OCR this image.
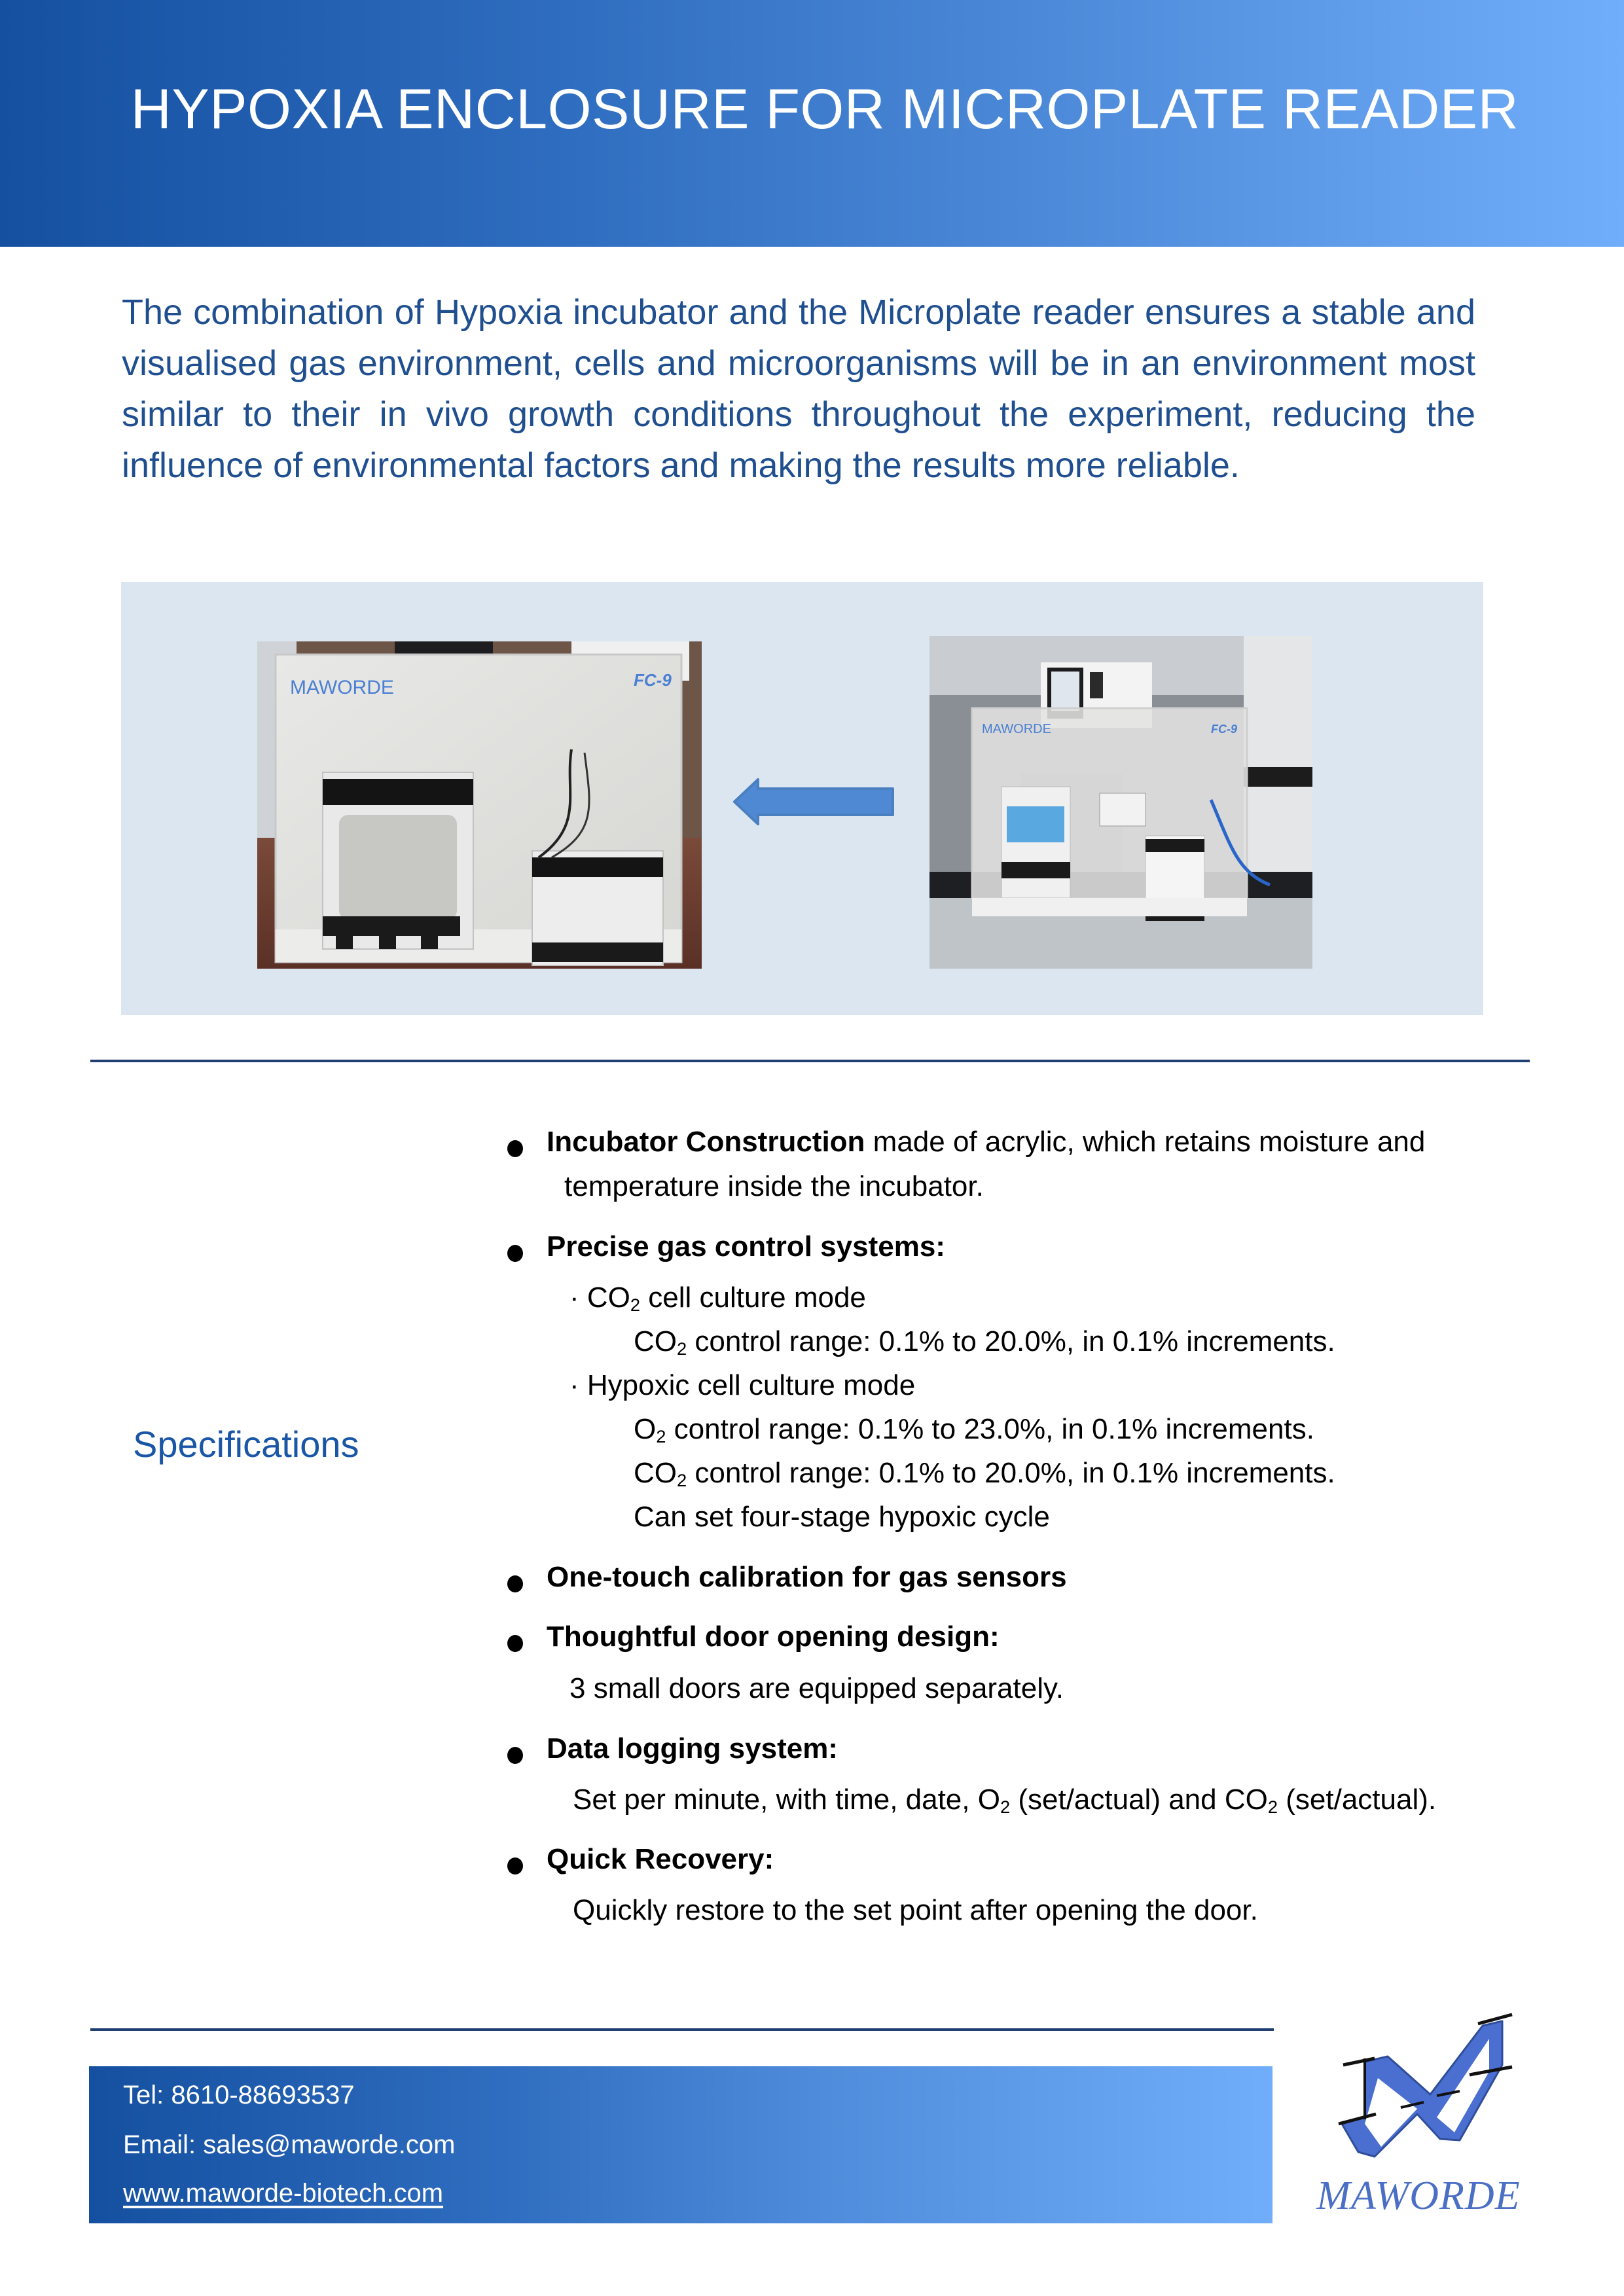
HYPOXIA ENCLOSURE FOR MICROPLATE READER
The combination of Hypoxia incubator and the Microplate reader ensures a stable and visualised gas environment, cells and microorganisms will be in an environment most similar to their in vivo growth conditions throughout the experiment, reducing the influence of environmental factors and making the results more reliable.
MAWORDE	FC-9
MAWORDE	FC-9
Specifications
Incubator Construction made of acrylic, which retains moisture and
temperature inside the incubator.
Precise gas control systems:
· $CO_2$ cell culture mode
$CO_2$ control range: 0.1% to 20.0%, in 0.1% increments.
· Hypoxic cell culture mode
$O_2$ control range: 0.1% to 23.0%, in 0.1% increments.
$CO_2$ control range: 0.1% to 20.0%, in 0.1% increments.
Can set four-stage hypoxic cycle
One-touch calibration for gas sensors
Thoughtful door opening design:
3 small doors are equipped separately.
Data logging system:
Set per minute, with time, date, $O_2$ (set/actual) and $CO_2$ (set/actual).
Quick Recovery:
Quickly restore to the set point after opening the door.
Tel: 8610-88693537
Email: sales@maworde.com
www.maworde-biotech.com	MAWORDE
